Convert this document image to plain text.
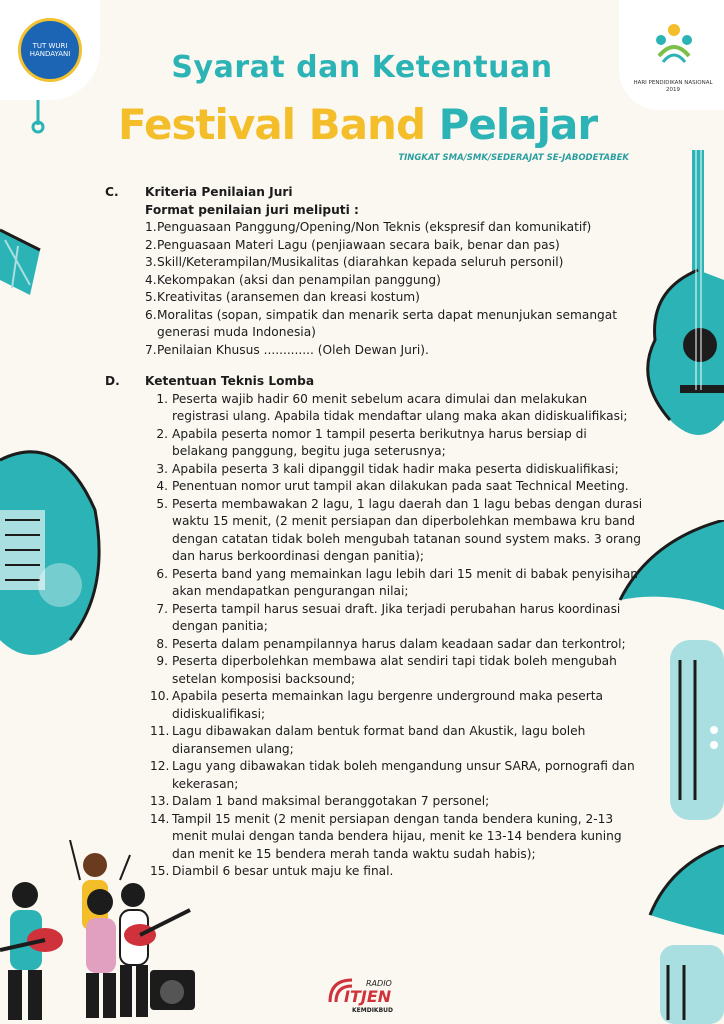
TUT WURI HANDAYANI
HARI PENDIDIKAN NASIONAL
2019
Syarat dan Ketentuan
Festival Band Pelajar
TINGKAT SMA/SMK/SEDERAJAT SE-JABODETABEK
C. Kriteria Penilaian Juri
Format penilaian juri meliputi :
1. Penguasaan Panggung/Opening/Non Teknis (ekspresif dan komunikatif)
2. Penguasaan Materi Lagu (penjiawaan secara baik, benar dan pas)
3. Skill/Keterampilan/Musikalitas (diarahkan kepada seluruh personil)
4. Kekompakan (aksi dan penampilan panggung)
5. Kreativitas (aransemen dan kreasi kostum)
6. Moralitas (sopan, simpatik dan menarik serta dapat menunjukan semangat generasi muda Indonesia)
7. Penilaian Khusus ............. (Oleh Dewan Juri).
D. Ketentuan Teknis Lomba
1. Peserta wajib hadir 60 menit sebelum acara dimulai dan melakukan registrasi ulang. Apabila tidak mendaftar ulang maka akan didiskualifikasi;
2. Apabila peserta nomor 1 tampil peserta berikutnya harus bersiap di belakang panggung, begitu juga seterusnya;
3. Apabila peserta 3 kali dipanggil tidak hadir maka peserta didiskualifikasi;
4. Penentuan nomor urut tampil akan dilakukan pada saat Technical Meeting.
5. Peserta membawakan 2 lagu, 1 lagu daerah dan 1 lagu bebas dengan durasi waktu 15 menit, (2 menit persiapan dan diperbolehkan membawa kru band dengan catatan tidak boleh mengubah tatanan sound system maks. 3 orang dan harus berkoordinasi dengan panitia);
6. Peserta band yang memainkan lagu lebih dari 15 menit di babak penyisihan akan mendapatkan pengurangan nilai;
7. Peserta tampil harus sesuai draft. Jika terjadi perubahan harus koordinasi dengan panitia;
8. Peserta dalam penampilannya harus dalam keadaan sadar dan terkontrol;
9. Peserta diperbolehkan membawa alat sendiri tapi tidak boleh mengubah setelan komposisi backsound;
10. Apabila peserta memainkan lagu bergenre underground maka peserta didiskualifikasi;
11. Lagu dibawakan dalam bentuk format band dan Akustik, lagu boleh diaransemen ulang;
12. Lagu yang dibawakan tidak boleh mengandung unsur SARA, pornografi dan kekerasan;
13. Dalam 1 band maksimal beranggotakan 7 personel;
14. Tampil 15 menit (2 menit persiapan dengan tanda bendera kuning, 2-13 menit mulai dengan tanda bendera hijau, menit ke 13-14 bendera kuning dan menit ke 15 bendera merah tanda waktu sudah habis);
15. Diambil 6 besar untuk maju ke final.
RADIO
ITJEN
KEMDIKBUD
